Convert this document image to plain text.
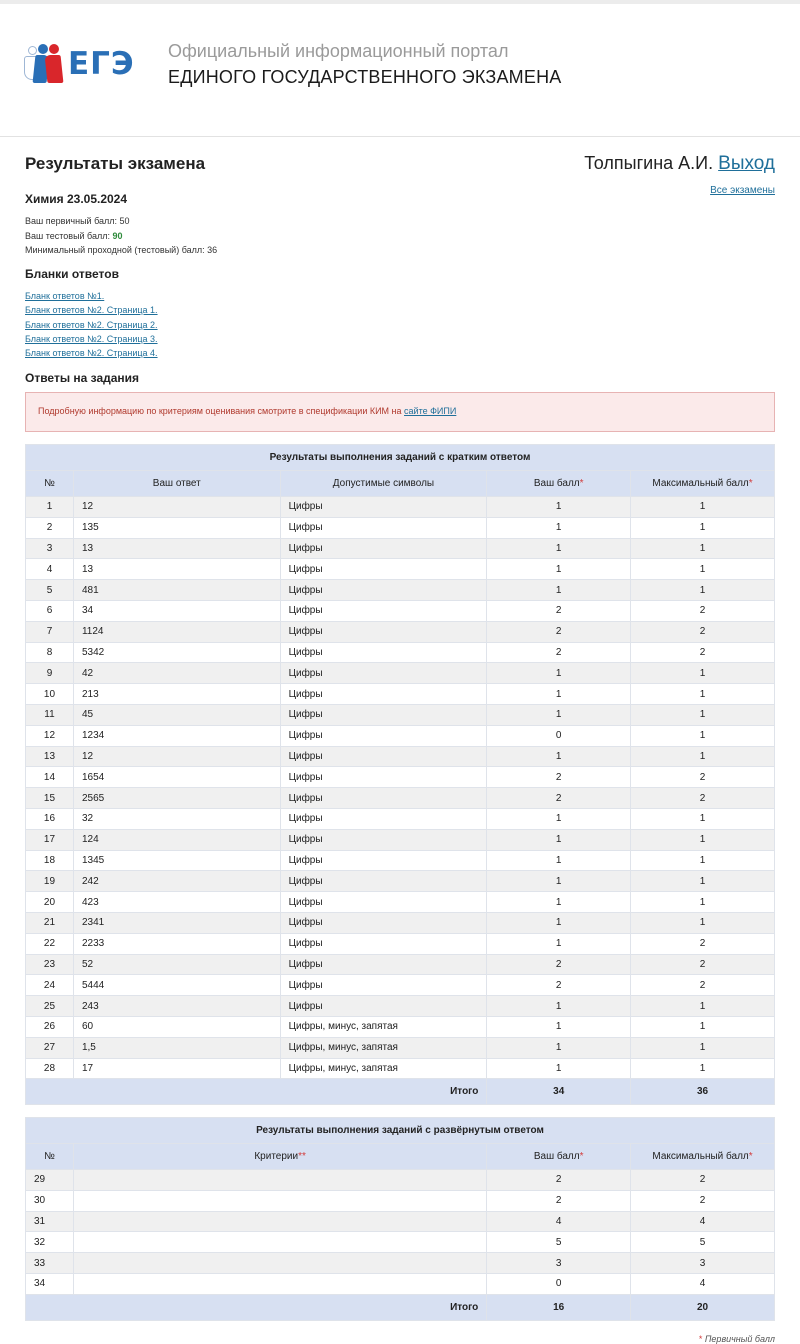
ЕГЭ Официальный информационный портал
ЕДИНОГО ГОСУДАРСТВЕННОГО ЭКЗАМЕНА
Результаты экзамена	Толпыгина А.И. Выход
Все экзамены
Химия 23.05.2024
Ваш первичный балл: 50
Ваш тестовый балл: 90
Минимальный проходной (тестовый) балл: 36
Бланки ответов
Бланк ответов №1.
Бланк ответов №2. Страница 1.
Бланк ответов №2. Страница 2.
Бланк ответов №2. Страница 3.
Бланк ответов №2. Страница 4.
Ответы на задания
Подробную информацию по критериям оценивания смотрите в спецификации КИМ на сайте ФИПИ
Результаты выполнения заданий с кратким ответом				
№	Ваш ответ	Допустимые символы	Ваш балл*	Максимальный балл*
1	12	Цифры	1	1
2	135	Цифры	1	1
3	13	Цифры	1	1
4	13	Цифры	1	1
5	481	Цифры	1	1
6	34	Цифры	2	2
7	1124	Цифры	2	2
8	5342	Цифры	2	2
9	42	Цифры	1	1
10	213	Цифры	1	1
11	45	Цифры	1	1
12	1234	Цифры	0	1
13	12	Цифры	1	1
14	1654	Цифры	2	2
15	2565	Цифры	2	2
16	32	Цифры	1	1
17	124	Цифры	1	1
18	1345	Цифры	1	1
19	242	Цифры	1	1
20	423	Цифры	1	1
21	2341	Цифры	1	1
22	2233	Цифры	1	2
23	52	Цифры	2	2
24	5444	Цифры	2	2
25	243	Цифры	1	1
26	60	Цифры, минус, запятая	1	1
27	1,5	Цифры, минус, запятая	1	1
28	17	Цифры, минус, запятая	1	1
Итого			34	36
Результаты выполнения заданий с развёрнутым ответом			
№	Критерии**	Ваш балл*	Максимальный балл*
29		2	2
30		2	2
31		4	4
32		5	5
33		3	3
34		0	4
Итого		16	20
* Первичный балл
